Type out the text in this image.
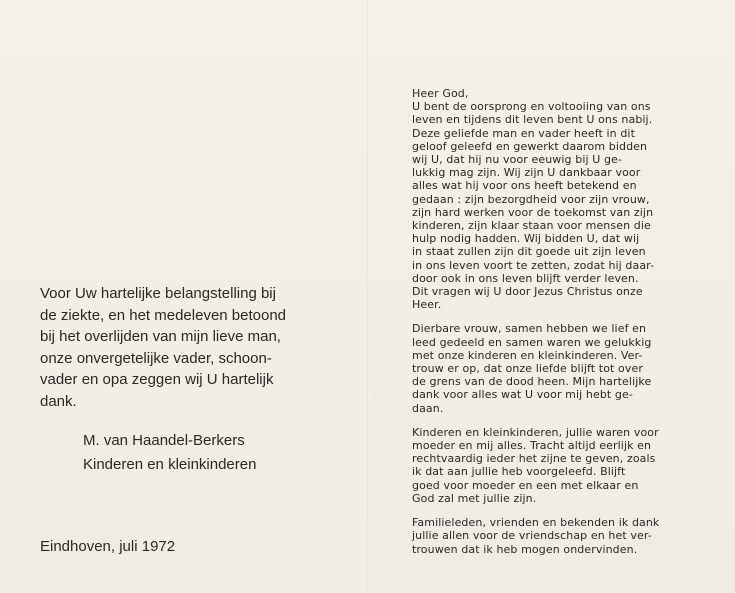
Voor Uw hartelijke belangstelling bij

de ziekte, en het medeleven betoond

bij het overlijden van mijn lieve man,

onze onvergetelijke vader, schoon-

vader en opa zeggen wij U hartelijk

dank.

M. van Haandel-Berkers
Kinderen en kleinkinderen
Eindhoven, juli 1972

Heer God,
U bent de oorsprong en voltooiing van ons
leven en tijdens dit leven bent U ons nabij.
Deze geliefde man en vader heeft in dit
geloof geleefd en gewerkt daarom bidden
wij U, dat hij nu voor eeuwig bij U ge-
lukkig mag zijn. Wij zijn U dankbaar voor
alles wat hij voor ons heeft betekend en
gedaan : zijn bezorgdheid voor zijn vrouw,
zijn hard werken voor de toekomst van zijn
kinderen, zijn klaar staan voor mensen die
hulp nodig hadden. Wij bidden U, dat wij
in staat zullen zijn dit goede uit zijn leven
in ons leven voort te zetten, zodat hij daar-
door ook in ons leven blijft verder leven.
Dit vragen wij U door Jezus Christus onze
Heer.

Dierbare vrouw, samen hebben we lief en
leed gedeeld en samen waren we gelukkig
met onze kinderen en kleinkinderen. Ver-
trouw er op, dat onze liefde blijft tot over
de grens van de dood heen. Mijn hartelijke
dank voor alles wat U voor mij hebt ge-
daan.

Kinderen en kleinkinderen, jullie waren voor
moeder en mij alles. Tracht altijd eerlijk en
rechtvaardig ieder het zijne te geven, zoals
ik dat aan jullie heb voorgeleefd. Blijft
goed voor moeder en een met elkaar en
God zal met jullie zijn.

Familieleden, vrienden en bekenden ik dank
jullie allen voor de vriendschap en het ver-
trouwen dat ik heb mogen ondervinden.
